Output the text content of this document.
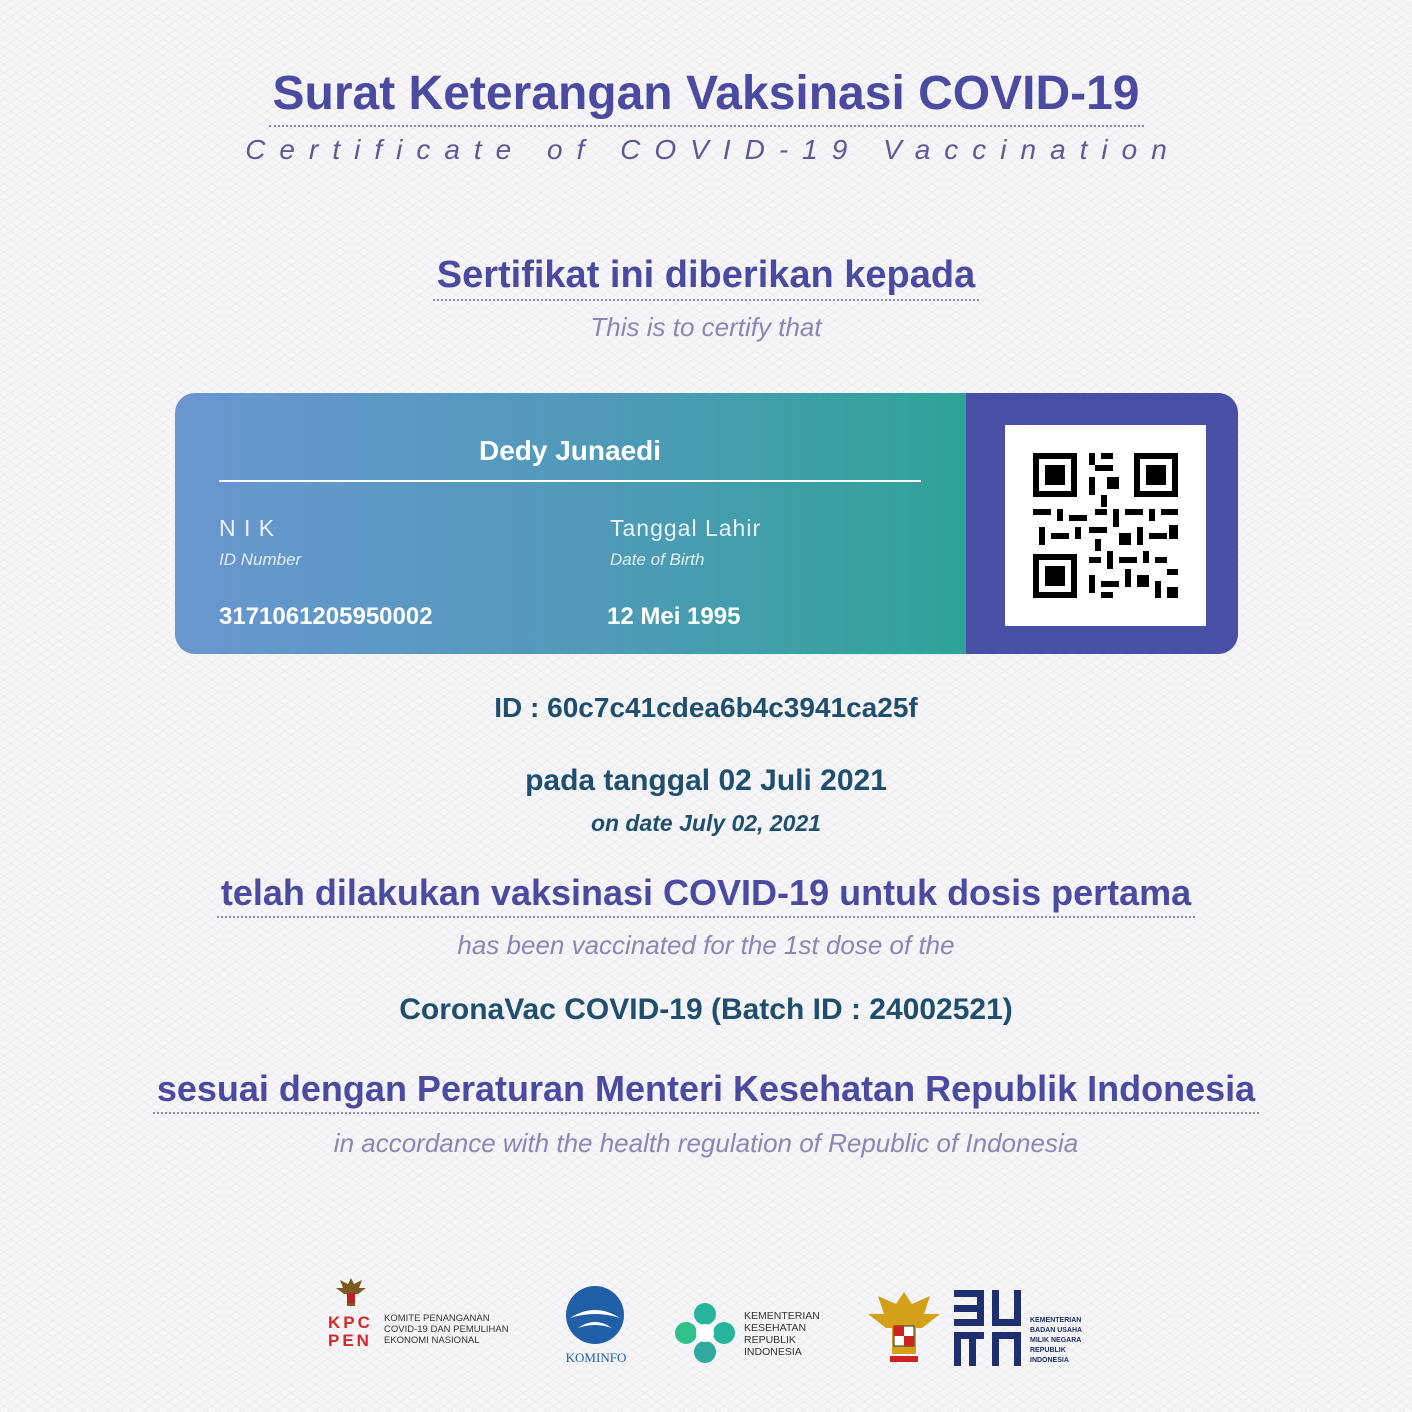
Surat Keterangan Vaksinasi COVID-19
Certificate of COVID-19 Vaccination
Sertifikat ini diberikan kepada
This is to certify that
Dedy Junaedi
N I K
ID Number
3171061205950002
Tanggal Lahir
Date of Birth
12 Mei 1995
ID : 60c7c41cdea6b4c3941ca25f
pada tanggal 02 Juli 2021
on date July 02, 2021
telah dilakukan vaksinasi COVID-19 untuk dosis pertama
has been vaccinated for the 1st dose of the
CoronaVac COVID-19 (Batch ID : 24002521)
sesuai dengan Peraturan Menteri Kesehatan Republik Indonesia
in accordance with the health regulation of Republic of Indonesia
KPC
PEN
KOMITE PENANGANAN
COVID-19 DAN PEMULIHAN
EKONOMI NASIONAL
KOMINFO
KEMENTERIAN
KESEHATAN
REPUBLIK
INDONESIA
KEMENTERIAN
BADAN USAHA
MILIK NEGARA
REPUBLIK
INDONESIA
